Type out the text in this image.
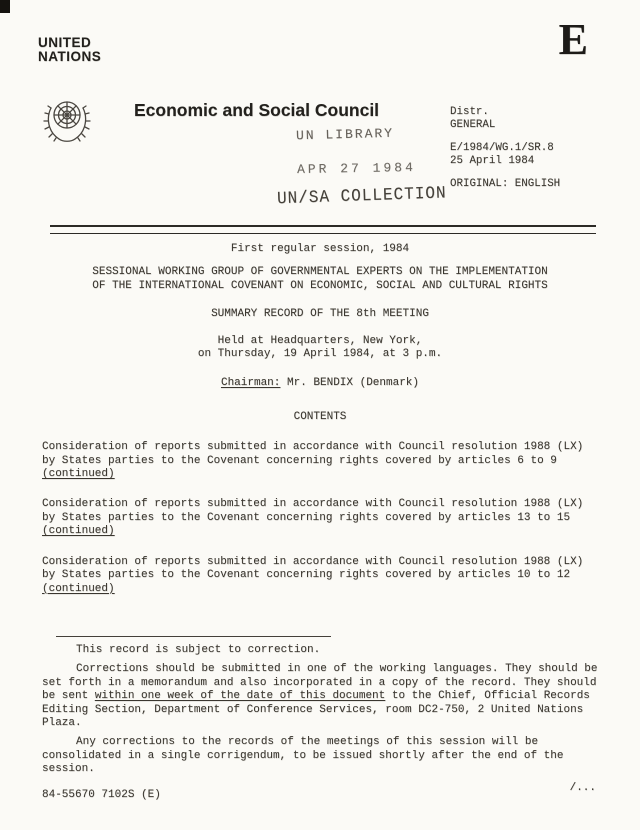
UNITED
NATIONS	E
Economic and Social Council
UN LIBRARY
APR 27 1984
UN/SA COLLECTION
Distr.
GENERAL
E/1984/WG.1/SR.8
25 April 1984
ORIGINAL: ENGLISH
First regular session, 1984
SESSIONAL WORKING GROUP OF GOVERNMENTAL EXPERTS ON THE IMPLEMENTATION
OF THE INTERNATIONAL COVENANT ON ECONOMIC, SOCIAL AND CULTURAL RIGHTS
SUMMARY RECORD OF THE 8th MEETING
Held at Headquarters, New York,
on Thursday, 19 April 1984, at 3 p.m.
Chairman: Mr. BENDIX (Denmark)
CONTENTS
Consideration of reports submitted in accordance with Council resolution 1988 (LX) by States parties to the Covenant concerning rights covered by articles 6 to 9
(continued)
Consideration of reports submitted in accordance with Council resolution 1988 (LX) by States parties to the Covenant concerning rights covered by articles 13 to 15
(continued)
Consideration of reports submitted in accordance with Council resolution 1988 (LX) by States parties to the Covenant concerning rights covered by articles 10 to 12
(continued)

This record is subject to correction.

Corrections should be submitted in one of the working languages. They should be set forth in a memorandum and also incorporated in a copy of the record. They should be sent within one week of the date of this document to the Chief, Official Records Editing Section, Department of Conference Services, room DC2-750, 2 United Nations Plaza.

Any corrections to the records of the meetings of this session will be consolidated in a single corrigendum, to be issued shortly after the end of the session.

84-55670 7102S (E)
/...
